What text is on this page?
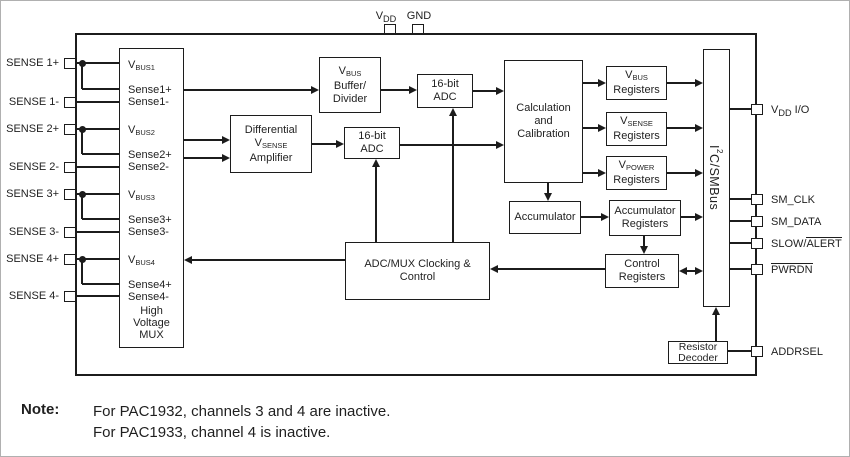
$V_{DD}$ GND
SENSE 1+
SENSE 1-
SENSE 2+
SENSE 2-
SENSE 3+
SENSE 3-
SENSE 4+
SENSE 4-
$V_{DD}$ I/O
SM_CLK
SM_DATA
SLOW/ALERT
PWRDN
ADDRSEL
$V_{BUS1}$
Sense1+
Sense1-
$V_{BUS2}$
Sense2+
Sense2-
$V_{BUS3}$
Sense3+
Sense3-
$V_{BUS4}$
Sense4+
Sense4-
High
Voltage
MUX
Differential
$V_{SENSE}$
Amplifier
$V_{BUS}$
Buffer/
Divider
16-bit
ADC
16-bit
ADC
Calculation
and
Calibration
Accumulator
$V_{BUS}$
Registers
$V_{SENSE}$
Registers
$V_{POWER}$
Registers
Accumulator
Registers
Control
Registers
ADC/MUX Clocking &
Control
$I^2C$/SMBus
Resistor
Decoder
Note: For PAC1932, channels 3 and 4 are inactive.
For PAC1933, channel 4 is inactive.
